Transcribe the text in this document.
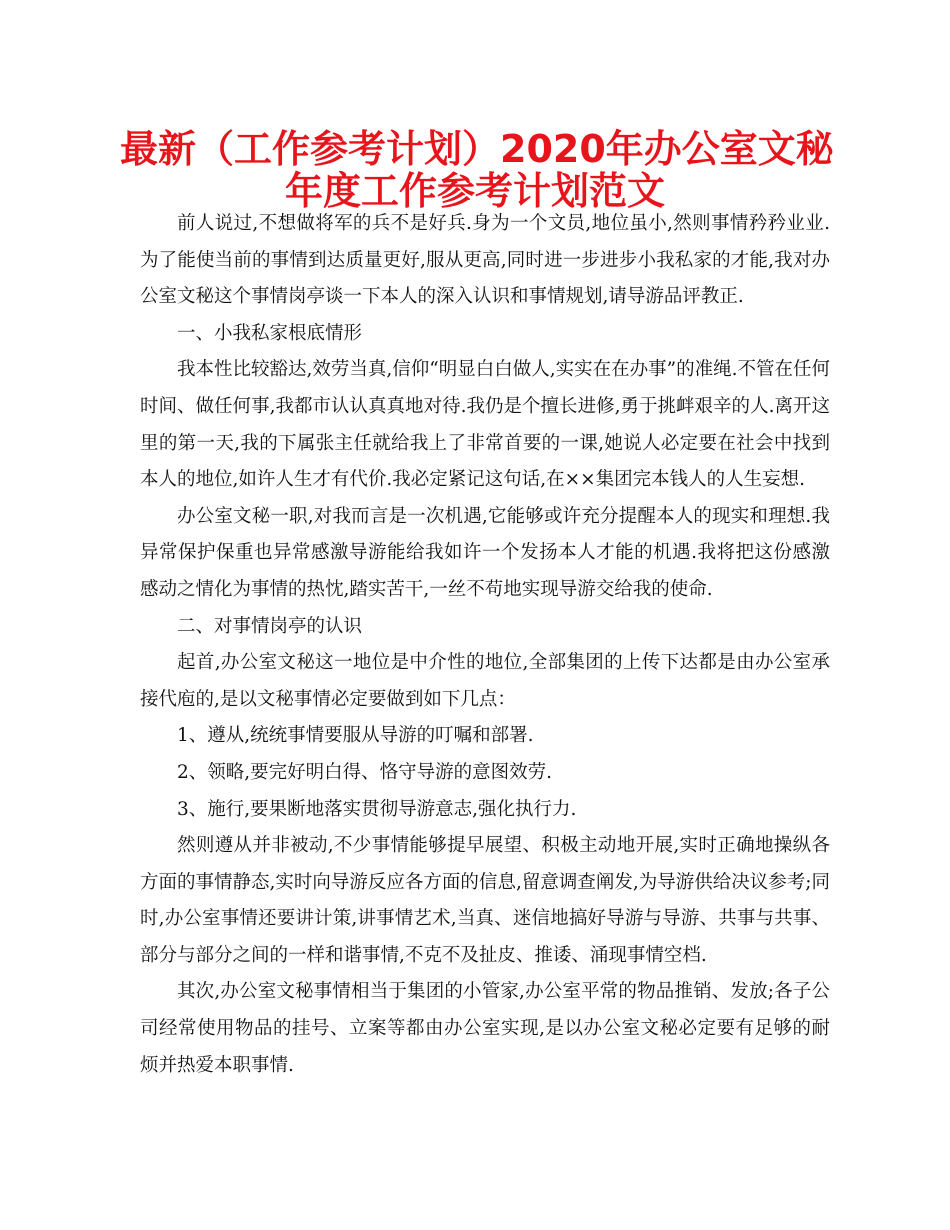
最新（工作参考计划）2020年办公室文秘
年度工作参考计划范文

前人说过,不想做将军的兵不是好兵.身为一个文员,地位虽小,然则事情矜矜业业.为了能使当前的事情到达质量更好,服从更高,同时进一步进步小我私家的才能,我对办公室文秘这个事情岗亭谈一下本人的深入认识和事情规划,请导游品评教正.

一、小我私家根底情形

我本性比较豁达,效劳当真,信仰“明显白白做人,实实在在办事”的准绳.不管在任何时间、做任何事,我都市认认真真地对待.我仍是个擅长进修,勇于挑衅艰辛的人.离开这里的第一天,我的下属张主任就给我上了非常首要的一课,她说人必定要在社会中找到本人的地位,如许人生才有代价.我必定紧记这句话,在××集团完本钱人的人生妄想.

办公室文秘一职,对我而言是一次机遇,它能够或许充分提醒本人的现实和理想.我异常保护保重也异常感激导游能给我如许一个发扬本人才能的机遇.我将把这份感激感动之情化为事情的热忱,踏实苦干,一丝不苟地实现导游交给我的使命.

二、对事情岗亭的认识

起首,办公室文秘这一地位是中介性的地位,全部集团的上传下达都是由办公室承接代庖的,是以文秘事情必定要做到如下几点：

1、遵从,统统事情要服从导游的叮嘱和部署.

2、领略,要完好明白得、恪守导游的意图效劳.

3、施行,要果断地落实贯彻导游意志,强化执行力.

然则遵从并非被动,不少事情能够提早展望、积极主动地开展,实时正确地操纵各方面的事情静态,实时向导游反应各方面的信息,留意调查阐发,为导游供给决议参考;同时,办公室事情还要讲计策,讲事情艺术,当真、迷信地搞好导游与导游、共事与共事、部分与部分之间的一样和谐事情,不克不及扯皮、推诿、涌现事情空档.

其次,办公室文秘事情相当于集团的小管家,办公室平常的物品推销、发放;各子公司经常使用物品的挂号、立案等都由办公室实现,是以办公室文秘必定要有足够的耐烦并热爱本职事情.
